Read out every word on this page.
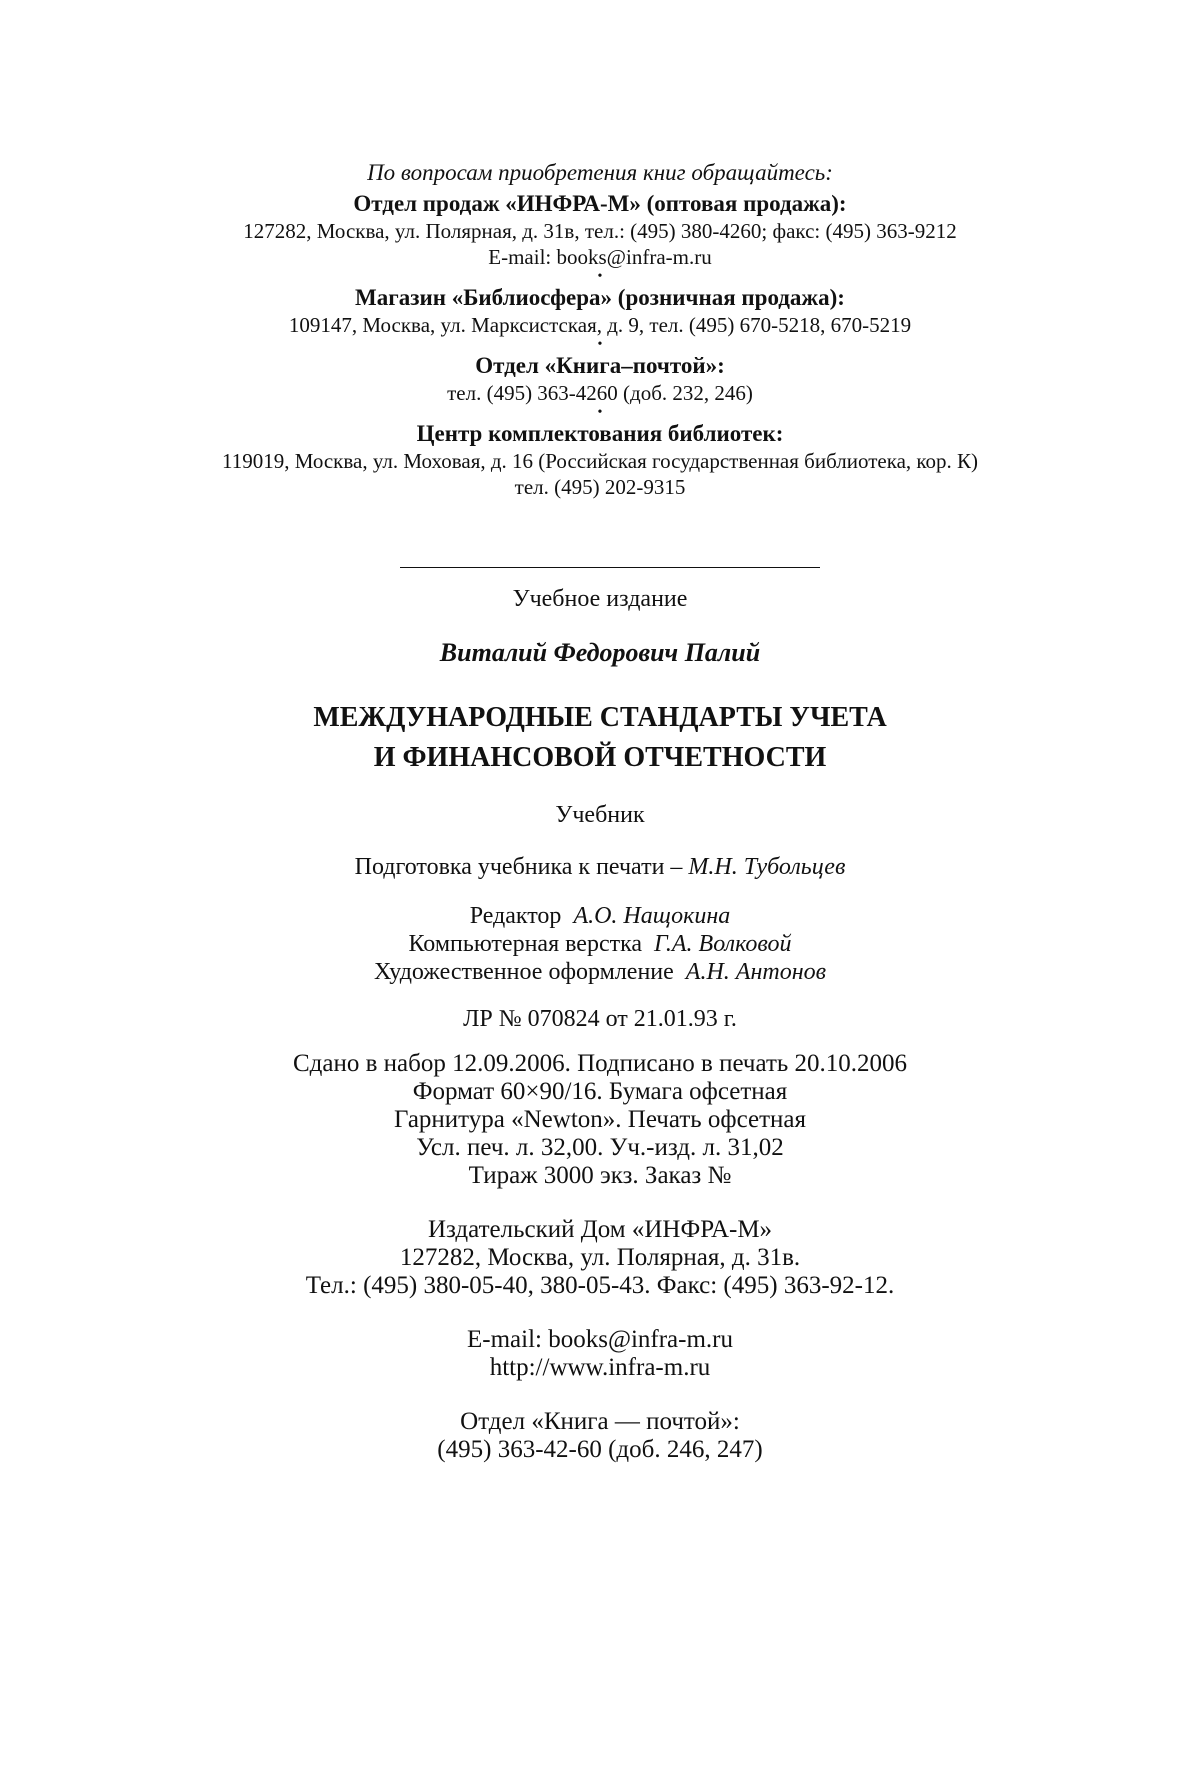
По вопросам приобретения книг обращайтесь:
Отдел продаж «ИНФРА-М» (оптовая продажа):
127282, Москва, ул. Полярная, д. 31в, тел.: (495) 380-4260; факс: (495) 363-9212
E-mail: books@infra-m.ru
•
Магазин «Библиосфера» (розничная продажа):
109147, Москва, ул. Марксистская, д. 9, тел. (495) 670-5218, 670-5219
•
Отдел «Книга–почтой»:
тел. (495) 363-4260 (доб. 232, 246)
•
Центр комплектования библиотек:
119019, Москва, ул. Моховая, д. 16 (Российская государственная библиотека, кор. К)
тел. (495) 202-9315
Учебное издание
Виталий Федорович Палий
МЕЖДУНАРОДНЫЕ СТАНДАРТЫ УЧЕТА
И ФИНАНСОВОЙ ОТЧЕТНОСТИ
Учебник
Подготовка учебника к печати – М.Н. Тубольцев
Редактор А.О. Нащокина
Компьютерная верстка Г.А. Волковой
Художественное оформление А.Н. Антонов
ЛР № 070824 от 21.01.93 г.
Сдано в набор 12.09.2006. Подписано в печать 20.10.2006
Формат 60×90/16. Бумага офсетная
Гарнитура «Newton». Печать офсетная
Усл. печ. л. 32,00. Уч.-изд. л. 31,02
Тираж 3000 экз. Заказ №
Издательский Дом «ИНФРА-М»
127282, Москва, ул. Полярная, д. 31в.
Тел.: (495) 380-05-40, 380-05-43. Факс: (495) 363-92-12.
E-mail: books@infra-m.ru
http://www.infra-m.ru
Отдел «Книга — почтой»:
(495) 363-42-60 (доб. 246, 247)
